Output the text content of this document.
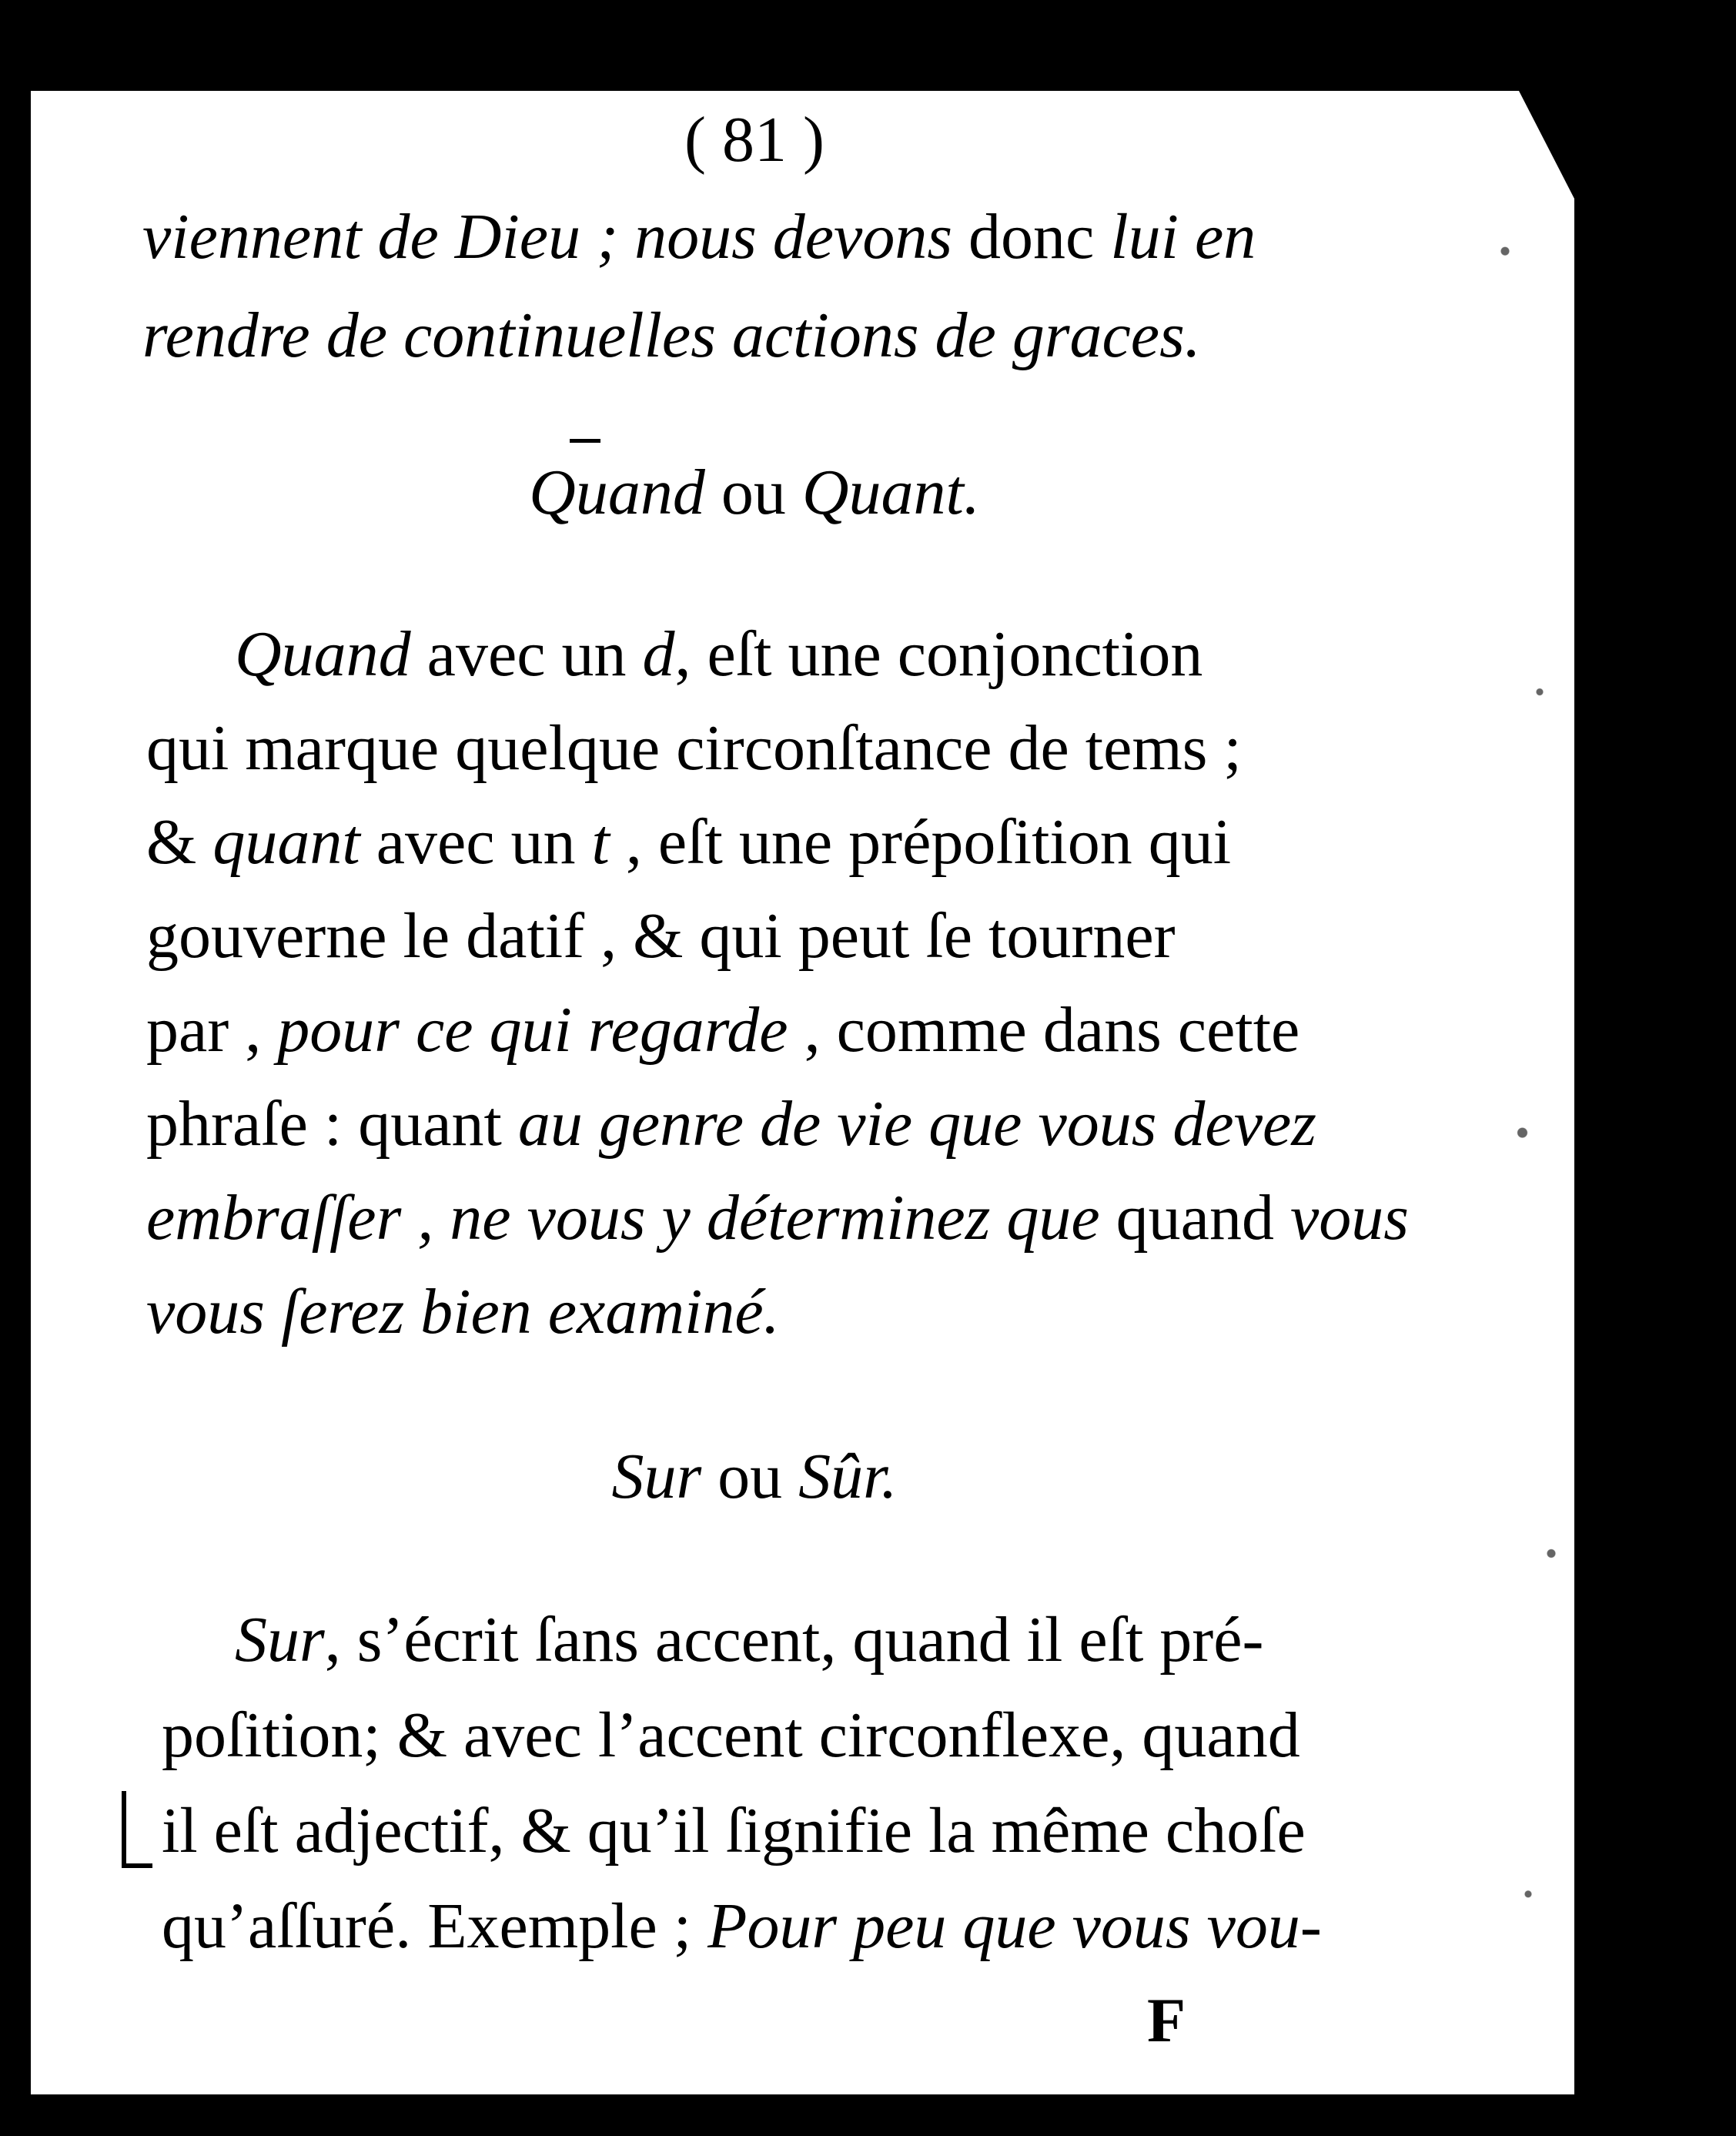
( 81 )
viennent de Dieu ; nous devons donc lui en
rendre de continuelles actions de graces.
Quand ou Quant.
Quand avec un d, eſt une conjonction
qui marque quelque circonſtance de tems ;
& quant avec un t , eſt une prépoſition qui
gouverne le datif , & qui peut ſe tourner
par , pour ce qui regarde , comme dans cette
phraſe : quant au genre de vie que vous devez
embraſſer , ne vous y déterminez que quand vous
vous ſerez bien examiné.
Sur ou Sûr.
Sur, s’écrit ſans accent, quand il eſt pré-
poſition; & avec l’accent circonflexe, quand
il eſt adjectif, & qu’il ſignifie la même choſe
qu’aſſuré. Exemple ; Pour peu que vous vou-
F
